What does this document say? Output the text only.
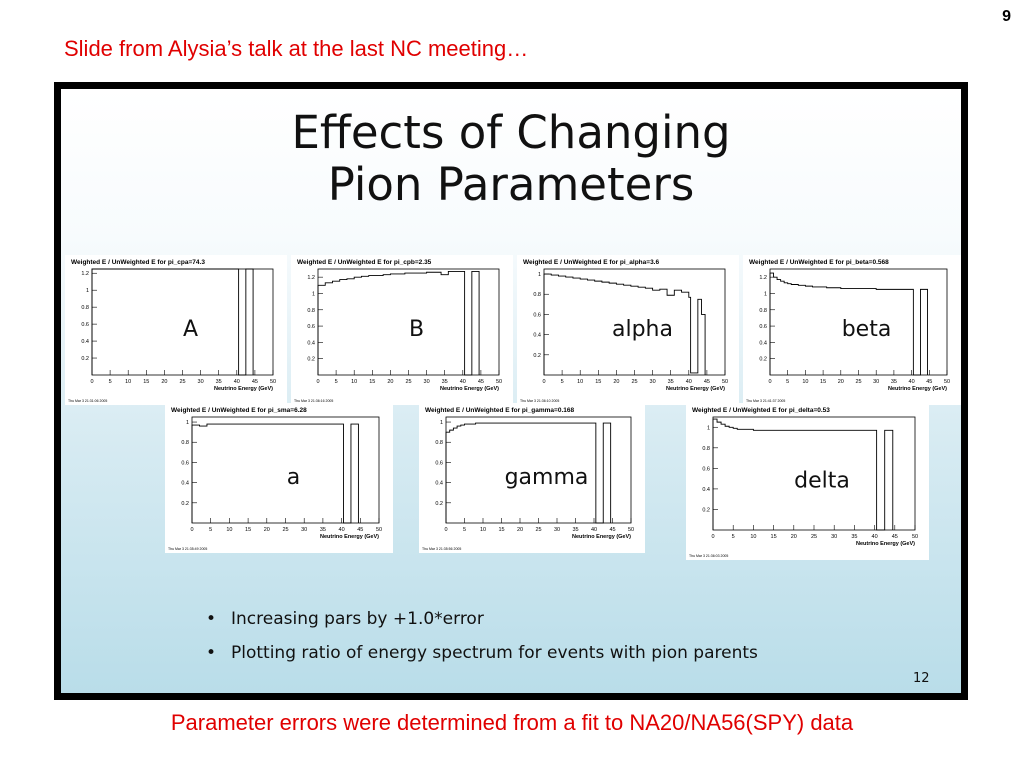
9
Slide from Alysia’s talk at the last NC meeting…
Effects of Changing
Pion Parameters
Weighted E / UnWeighted E for pi_cpa=74.3
0.2
0.4
0.6
0.8
1
1.2
0	5 10 15 20 25 30 35 40 45 50
Neutrino Energy (GeV)
A
Thu Mar 3 21:31:06 2005
Weighted E / UnWeighted E for pi_cpb=2.35
0.2
0.4
0.6
0.8
1
1.2
0	5 10 15 20 25 30 35 40 45 50
Neutrino Energy (GeV)
B
Thu Mar 3 21:36:16 2005
Weighted E / UnWeighted E for pi_alpha=3.6
0.2
0.4
0.6
0.8
1
0	5 10 15 20 25 30 35 40 45 50
Neutrino Energy (GeV)
alpha
Thu Mar 3 21:36:10 2005
Weighted E / UnWeighted E for pi_beta=0.568
0.2
0.4
0.6
0.8
1
1.2
0	5 10 15 20 25 30 35 40 45 50
Neutrino Energy (GeV)
beta
Thu Mar 3 21:41:37 2005
Weighted E / UnWeighted E for pi_sma=6.28
0.2
0.4
0.6
0.8
1
0	5	10 15 20 25 30 35 40 45 50
Neutrino Energy (GeV)
a
Thu Mar 3 21:35:49 2005
Weighted E / UnWeighted E for pi_gamma=0.168
0.2
0.4
0.6
0.8
1
0	5	10 15 20 25 30 35 40 45 50
Neutrino Energy (GeV)
gamma
Thu Mar 3 21:35:56 2005
Weighted E / UnWeighted E for pi_delta=0.53
0.2
0.4
0.6
0.8
1
0	5	10	15	20	25	30	35	40	45	50
Neutrino Energy (GeV)
delta
Thu Mar 3 21:36:03 2005
• Increasing pars by +1.0*error
• Plotting ratio of energy spectrum for events with pion parents
12
Parameter errors were determined from a fit to NA20/NA56(SPY) data
